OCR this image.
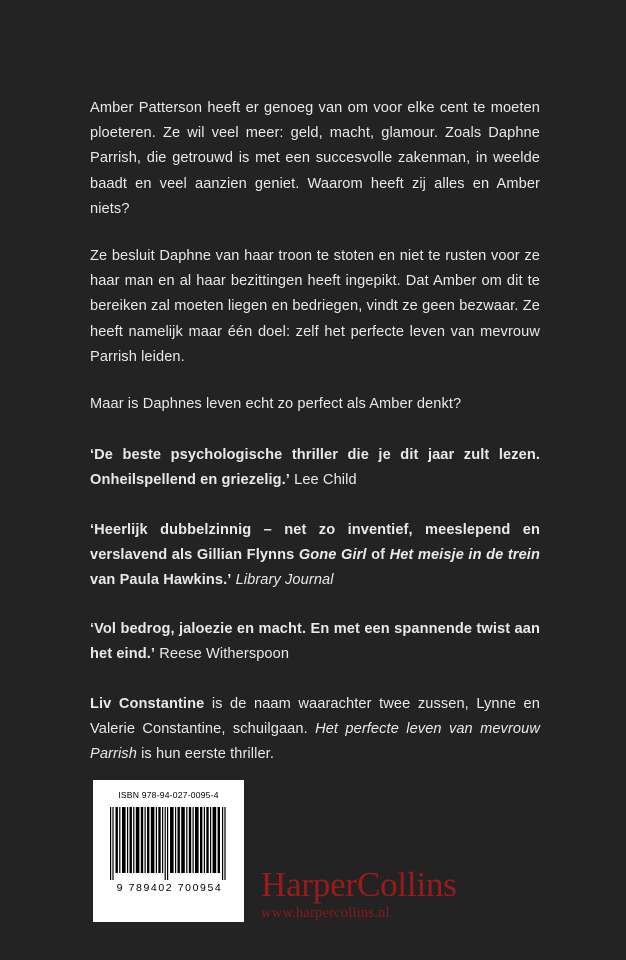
Amber Patterson heeft er genoeg van om voor elke cent te moeten ploeteren. Ze wil veel meer: geld, macht, glamour. Zoals Daphne Parrish, die getrouwd is met een succesvolle zakenman, in weelde baadt en veel aanzien geniet. Waarom heeft zij alles en Amber niets?

Ze besluit Daphne van haar troon te stoten en niet te rusten voor ze haar man en al haar bezittingen heeft ingepikt. Dat Amber om dit te bereiken zal moeten liegen en bedriegen, vindt ze geen bezwaar. Ze heeft namelijk maar één doel: zelf het perfecte leven van mevrouw Parrish leiden.

Maar is Daphnes leven echt zo perfect als Amber denkt?

‘De beste psychologische thriller die je dit jaar zult lezen. Onheilspellend en griezelig.’ Lee Child

‘Heerlijk dubbelzinnig – net zo inventief, meeslepend en verslavend als Gillian Flynns Gone Girl of Het meisje in de trein van Paula Hawkins.’ Library Journal

‘Vol bedrog, jaloezie en macht. En met een spannende twist aan het eind.’ Reese Witherspoon

Liv Constantine is de naam waarachter twee zussen, Lynne en Valerie Constantine, schuilgaan. Het perfecte leven van mevrouw Parrish is hun eerste thriller.

ISBN 978-94-027-0095-4
9 789402 700954	HarperCollins
www.harpercollins.nl
